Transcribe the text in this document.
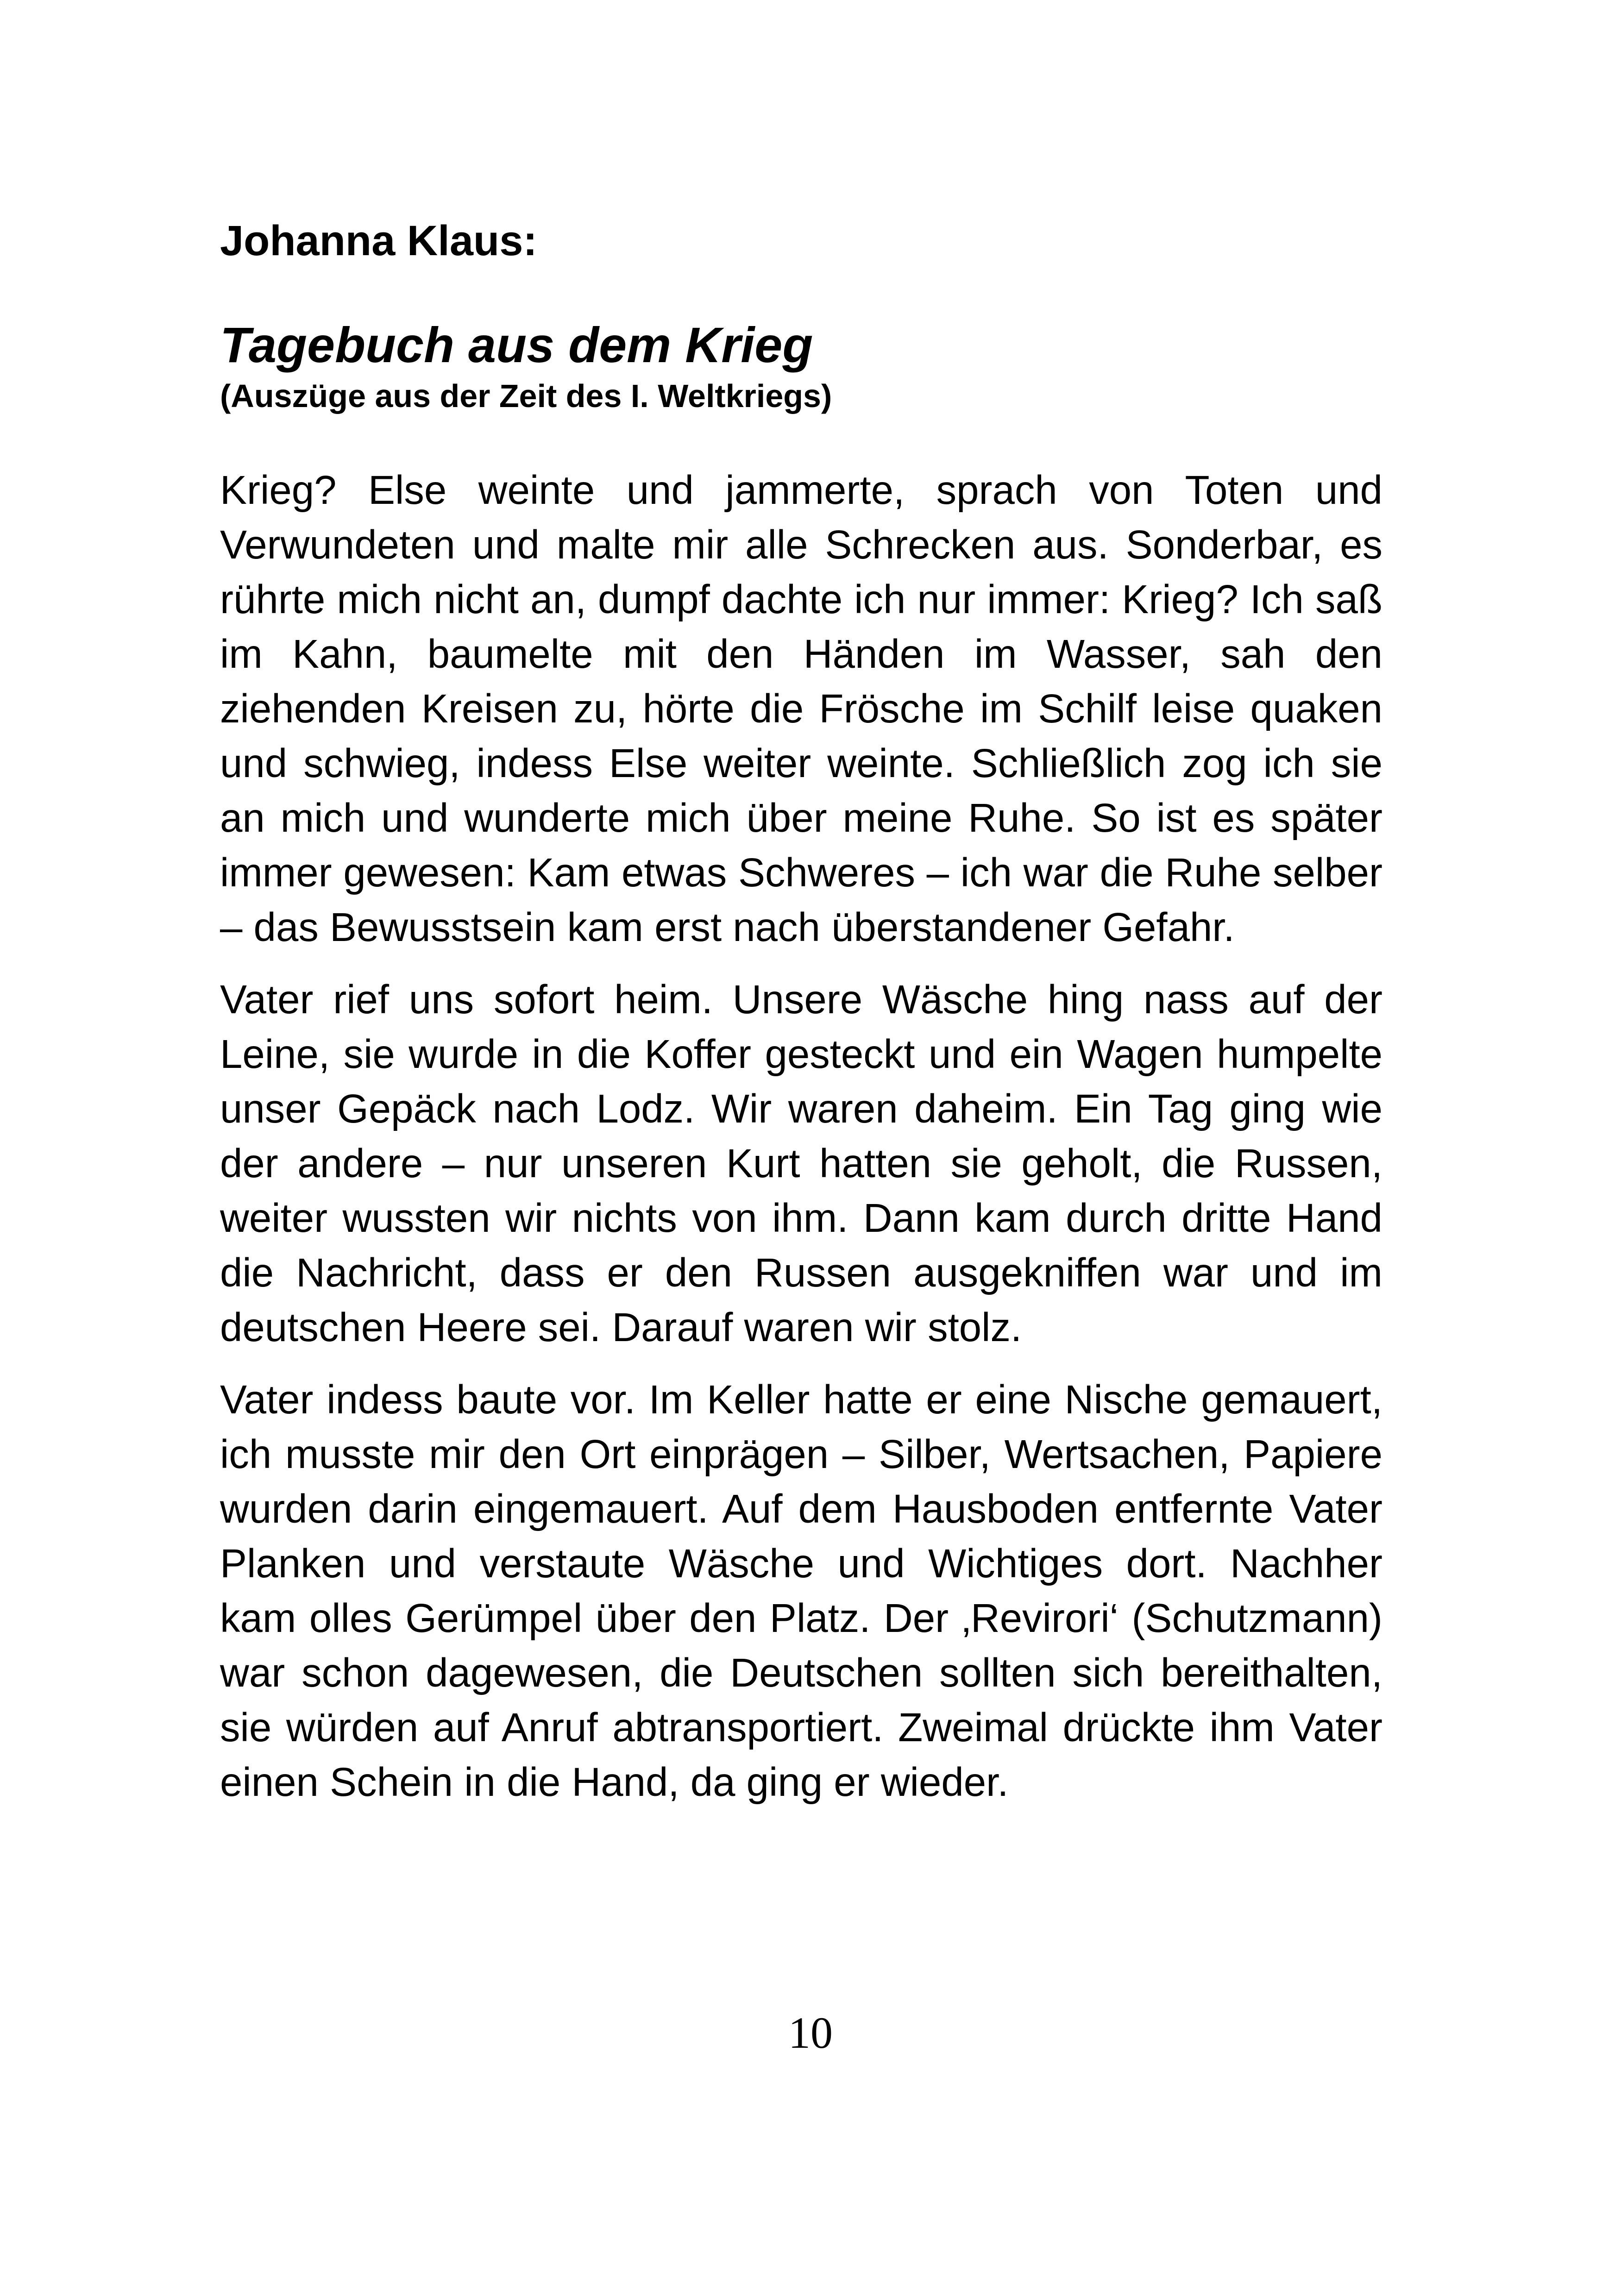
Johanna Klaus:
Tagebuch aus dem Krieg
(Auszüge aus der Zeit des I. Weltkriegs)

Krieg? Else weinte und jammerte, sprach von Toten und Verwundeten und malte mir alle Schrecken aus. Sonderbar, es rührte mich nicht an, dumpf dachte ich nur immer: Krieg? Ich saß im Kahn, baumelte mit den Händen im Wasser, sah den ziehenden Kreisen zu, hörte die Frösche im Schilf leise quaken und schwieg, indess Else weiter weinte. Schließlich zog ich sie an mich und wunderte mich über meine Ruhe. So ist es später immer gewesen: Kam etwas Schweres – ich war die Ruhe selber – das Bewusstsein kam erst nach überstandener Gefahr.

Vater rief uns sofort heim. Unsere Wäsche hing nass auf der Leine, sie wurde in die Koffer gesteckt und ein Wagen humpelte unser Gepäck nach Lodz. Wir waren daheim. Ein Tag ging wie der andere – nur unseren Kurt hatten sie geholt, die Russen, weiter wussten wir nichts von ihm. Dann kam durch dritte Hand die Nachricht, dass er den Russen ausgekniffen war und im deutschen Heere sei. Darauf waren wir stolz.

Vater indess baute vor. Im Keller hatte er eine Nische gemauert, ich musste mir den Ort einprägen – Silber, Wertsachen, Papiere wurden darin eingemauert. Auf dem Hausboden entfernte Vater Planken und verstaute Wäsche und Wichtiges dort. Nachher kam olles Gerümpel über den Platz. Der ‚Revirori‘ (Schutzmann) war schon dagewesen, die Deutschen sollten sich bereithalten, sie würden auf Anruf abtransportiert. Zweimal drückte ihm Vater einen Schein in die Hand, da ging er wieder.

10
